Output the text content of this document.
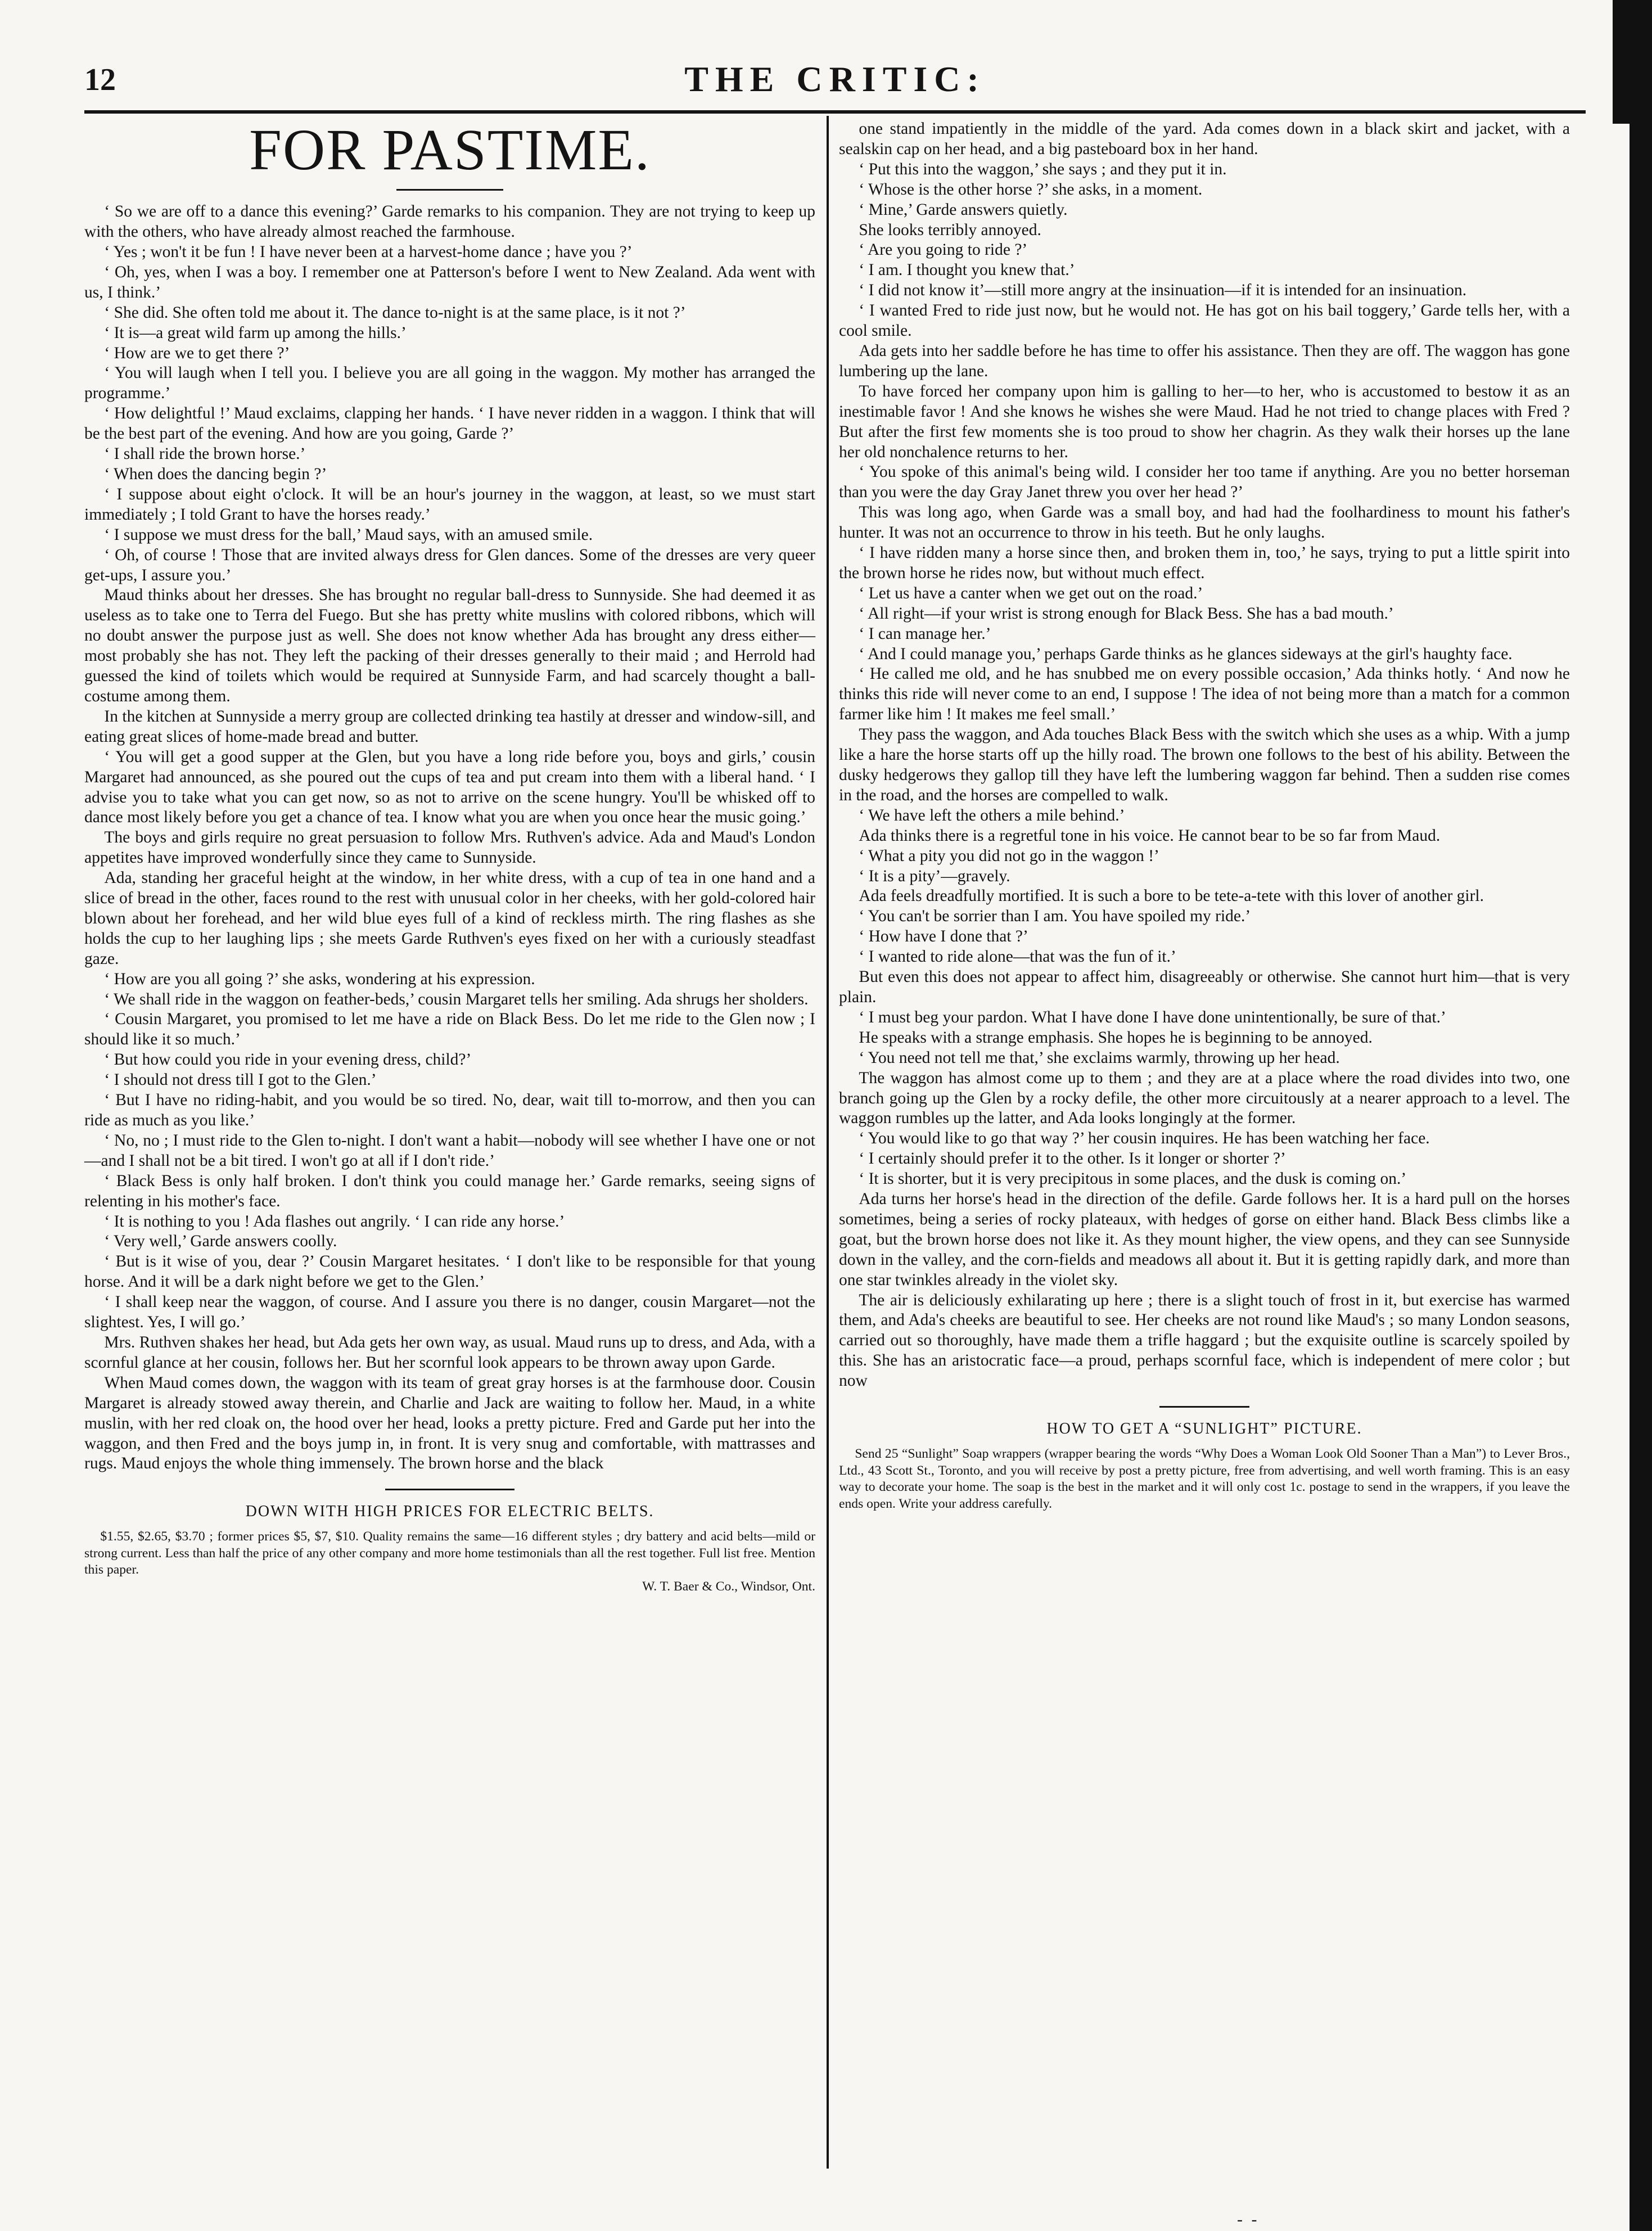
12	THE CRITIC:
FOR PASTIME.

‘ So we are off to a dance this evening?’ Garde remarks to his companion. They are not trying to keep up with the others, who have already almost reached the farmhouse.

‘ Yes ; won't it be fun ! I have never been at a harvest-home dance ; have you ?’

‘ Oh, yes, when I was a boy. I remember one at Patterson's before I went to New Zealand. Ada went with us, I think.’

‘ She did. She often told me about it. The dance to-night is at the same place, is it not ?’

‘ It is—a great wild farm up among the hills.’

‘ How are we to get there ?’

‘ You will laugh when I tell you. I believe you are all going in the waggon. My mother has arranged the programme.’

‘ How delightful !’ Maud exclaims, clapping her hands. ‘ I have never ridden in a waggon. I think that will be the best part of the evening. And how are you going, Garde ?’

‘ I shall ride the brown horse.’

‘ When does the dancing begin ?’

‘ I suppose about eight o'clock. It will be an hour's journey in the waggon, at least, so we must start immediately ; I told Grant to have the horses ready.’

‘ I suppose we must dress for the ball,’ Maud says, with an amused smile.

‘ Oh, of course ! Those that are invited always dress for Glen dances. Some of the dresses are very queer get-ups, I assure you.’

Maud thinks about her dresses. She has brought no regular ball-dress to Sunnyside. She had deemed it as useless as to take one to Terra del Fuego. But she has pretty white muslins with colored ribbons, which will no doubt answer the purpose just as well. She does not know whether Ada has brought any dress either—most probably she has not. They left the packing of their dresses generally to their maid ; and Herrold had guessed the kind of toilets which would be required at Sunnyside Farm, and had scarcely thought a ball-costume among them.

In the kitchen at Sunnyside a merry group are collected drinking tea hastily at dresser and window-sill, and eating great slices of home-made bread and butter.

‘ You will get a good supper at the Glen, but you have a long ride before you, boys and girls,’ cousin Margaret had announced, as she poured out the cups of tea and put cream into them with a liberal hand. ‘ I advise you to take what you can get now, so as not to arrive on the scene hungry. You'll be whisked off to dance most likely before you get a chance of tea. I know what you are when you once hear the music going.’

The boys and girls require no great persuasion to follow Mrs. Ruthven's advice. Ada and Maud's London appetites have improved wonderfully since they came to Sunnyside.

Ada, standing her graceful height at the window, in her white dress, with a cup of tea in one hand and a slice of bread in the other, faces round to the rest with unusual color in her cheeks, with her gold-colored hair blown about her forehead, and her wild blue eyes full of a kind of reckless mirth. The ring flashes as she holds the cup to her laughing lips ; she meets Garde Ruthven's eyes fixed on her with a curiously steadfast gaze.

‘ How are you all going ?’ she asks, wondering at his expression.

‘ We shall ride in the waggon on feather-beds,’ cousin Margaret tells her smiling. Ada shrugs her sholders.

‘ Cousin Margaret, you promised to let me have a ride on Black Bess. Do let me ride to the Glen now ; I should like it so much.’

‘ But how could you ride in your evening dress, child?’

‘ I should not dress till I got to the Glen.’

‘ But I have no riding-habit, and you would be so tired. No, dear, wait till to-morrow, and then you can ride as much as you like.’

‘ No, no ; I must ride to the Glen to-night. I don't want a habit—nobody will see whether I have one or not—and I shall not be a bit tired. I won't go at all if I don't ride.’

‘ Black Bess is only half broken. I don't think you could manage her.’ Garde remarks, seeing signs of relenting in his mother's face.

‘ It is nothing to you ! Ada flashes out angrily. ‘ I can ride any horse.’

‘ Very well,’ Garde answers coolly.

‘ But is it wise of you, dear ?’ Cousin Margaret hesitates. ‘ I don't like to be responsible for that young horse. And it will be a dark night before we get to the Glen.’

‘ I shall keep near the waggon, of course. And I assure you there is no danger, cousin Margaret—not the slightest. Yes, I will go.’

Mrs. Ruthven shakes her head, but Ada gets her own way, as usual. Maud runs up to dress, and Ada, with a scornful glance at her cousin, follows her. But her scornful look appears to be thrown away upon Garde.

When Maud comes down, the waggon with its team of great gray horses is at the farmhouse door. Cousin Margaret is already stowed away therein, and Charlie and Jack are waiting to follow her. Maud, in a white muslin, with her red cloak on, the hood over her head, looks a pretty picture. Fred and Garde put her into the waggon, and then Fred and the boys jump in, in front. It is very snug and comfortable, with mattrasses and rugs. Maud enjoys the whole thing immensely. The brown horse and the black

DOWN WITH HIGH PRICES FOR ELECTRIC BELTS.

$1.55, $2.65, $3.70 ; former prices $5, $7, $10. Quality remains the same—16 different styles ; dry battery and acid belts—mild or strong current. Less than half the price of any other company and more home testimonials than all the rest together. Full list free. Mention this paper.

W. T. Baer & Co., Windsor, Ont.

one stand impatiently in the middle of the yard. Ada comes down in a black skirt and jacket, with a sealskin cap on her head, and a big pasteboard box in her hand.

‘ Put this into the waggon,’ she says ; and they put it in.

‘ Whose is the other horse ?’ she asks, in a moment.

‘ Mine,’ Garde answers quietly.

She looks terribly annoyed.

‘ Are you going to ride ?’

‘ I am. I thought you knew that.’

‘ I did not know it’—still more angry at the insinuation—if it is intended for an insinuation.

‘ I wanted Fred to ride just now, but he would not. He has got on his bail toggery,’ Garde tells her, with a cool smile.

Ada gets into her saddle before he has time to offer his assistance. Then they are off. The waggon has gone lumbering up the lane.

To have forced her company upon him is galling to her—to her, who is accustomed to bestow it as an inestimable favor ! And she knows he wishes she were Maud. Had he not tried to change places with Fred ? But after the first few moments she is too proud to show her chagrin. As they walk their horses up the lane her old nonchalence returns to her.

‘ You spoke of this animal's being wild. I consider her too tame if anything. Are you no better horseman than you were the day Gray Janet threw you over her head ?’

This was long ago, when Garde was a small boy, and had had the foolhardiness to mount his father's hunter. It was not an occurrence to throw in his teeth. But he only laughs.

‘ I have ridden many a horse since then, and broken them in, too,’ he says, trying to put a little spirit into the brown horse he rides now, but without much effect.

‘ Let us have a canter when we get out on the road.’

‘ All right—if your wrist is strong enough for Black Bess. She has a bad mouth.’

‘ I can manage her.’

‘ And I could manage you,’ perhaps Garde thinks as he glances sideways at the girl's haughty face.

‘ He called me old, and he has snubbed me on every possible occasion,’ Ada thinks hotly. ‘ And now he thinks this ride will never come to an end, I suppose ! The idea of not being more than a match for a common farmer like him ! It makes me feel small.’

They pass the waggon, and Ada touches Black Bess with the switch which she uses as a whip. With a jump like a hare the horse starts off up the hilly road. The brown one follows to the best of his ability. Between the dusky hedgerows they gallop till they have left the lumbering waggon far behind. Then a sudden rise comes in the road, and the horses are compelled to walk.

‘ We have left the others a mile behind.’

Ada thinks there is a regretful tone in his voice. He cannot bear to be so far from Maud.

‘ What a pity you did not go in the waggon !’

‘ It is a pity’—gravely.

Ada feels dreadfully mortified. It is such a bore to be tete-a-tete with this lover of another girl.

‘ You can't be sorrier than I am. You have spoiled my ride.’

‘ How have I done that ?’

‘ I wanted to ride alone—that was the fun of it.’

But even this does not appear to affect him, disagreeably or otherwise. She cannot hurt him—that is very plain.

‘ I must beg your pardon. What I have done I have done unintentionally, be sure of that.’

He speaks with a strange emphasis. She hopes he is beginning to be annoyed.

‘ You need not tell me that,’ she exclaims warmly, throwing up her head.

The waggon has almost come up to them ; and they are at a place where the road divides into two, one branch going up the Glen by a rocky defile, the other more circuitously at a nearer approach to a level. The waggon rumbles up the latter, and Ada looks longingly at the former.

‘ You would like to go that way ?’ her cousin inquires. He has been watching her face.

‘ I certainly should prefer it to the other. Is it longer or shorter ?’

‘ It is shorter, but it is very precipitous in some places, and the dusk is coming on.’

Ada turns her horse's head in the direction of the defile. Garde follows her. It is a hard pull on the horses sometimes, being a series of rocky plateaux, with hedges of gorse on either hand. Black Bess climbs like a goat, but the brown horse does not like it. As they mount higher, the view opens, and they can see Sunnyside down in the valley, and the corn-fields and meadows all about it. But it is getting rapidly dark, and more than one star twinkles already in the violet sky.

The air is deliciously exhilarating up here ; there is a slight touch of frost in it, but exercise has warmed them, and Ada's cheeks are beautiful to see. Her cheeks are not round like Maud's ; so many London seasons, carried out so thoroughly, have made them a trifle haggard ; but the exquisite outline is scarcely spoiled by this. She has an aristocratic face—a proud, perhaps scornful face, which is independent of mere color ; but now

HOW TO GET A “SUNLIGHT” PICTURE.

Send 25 “Sunlight” Soap wrappers (wrapper bearing the words “Why Does a Woman Look Old Sooner Than a Man”) to Lever Bros., Ltd., 43 Scott St., Toronto, and you will receive by post a pretty picture, free from advertising, and well worth framing. This is an easy way to decorate your home. The soap is the best in the market and it will only cost 1c. postage to send in the wrappers, if you leave the ends open. Write your address carefully.

- -
